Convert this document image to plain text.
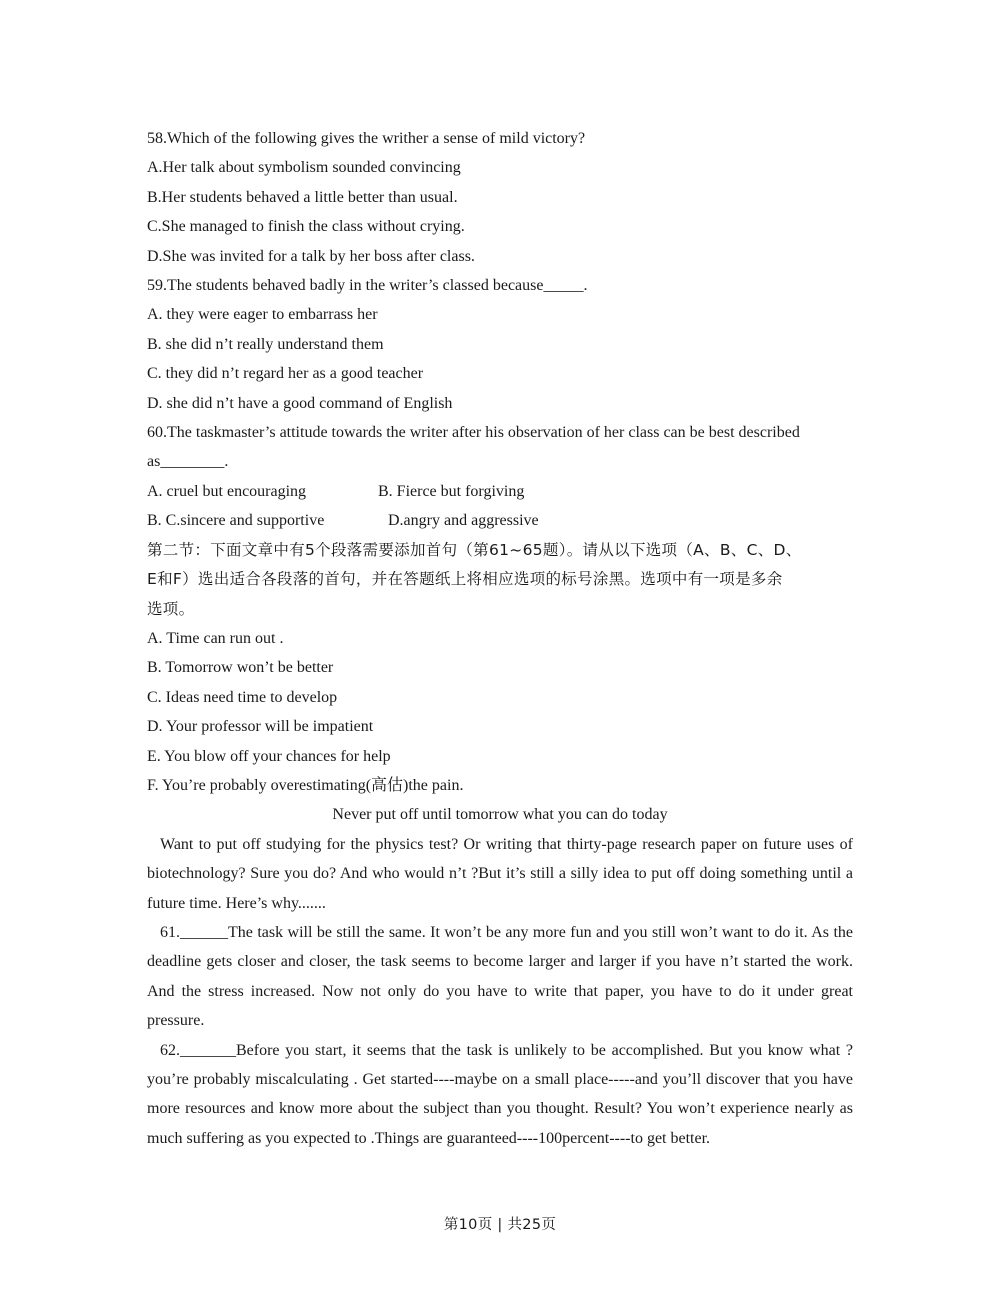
58.Which of the following gives the writher a sense of mild victory?

A.Her talk about symbolism sounded convincing

B.Her students behaved a little better than usual.

C.She managed to finish the class without crying.

D.She was invited for a talk by her boss after class.

59.The students behaved badly in the writer’s classed because_____.

A. they were eager to embarrass her

B. she did n’t really understand them

C. they did n’t regard her as a good teacher

D. she did n’t have a good command of English

60.The taskmaster’s attitude towards the writer after his observation of her class can be best described

as________.

A. cruel but encouraging	B. Fierce but forgiving
B. C.sincere and supportive	D.angry and aggressive

第二节：下面文章中有5个段落需要添加首句（第61~65题）。请从以下选项（A、B、C、D、

E和F）选出适合各段落的首句，并在答题纸上将相应选项的标号涂黑。选项中有一项是多余

选项。

A. Time can run out .

B. Tomorrow won’t be better

C. Ideas need time to develop

D. Your professor will be impatient

E. You blow off your chances for help

F. You’re probably overestimating(高估)the pain.

Never put off until tomorrow what you can do today

Want to put off studying for the physics test? Or writing that thirty-page research paper on future uses of biotechnology? Sure you do? And who would n’t ?But it’s still a silly idea to put off doing something until a future time. Here’s why.......

61.______The task will be still the same. It won’t be any more fun and you still won’t want to do it. As the deadline gets closer and closer, the task seems to become larger and larger if you have n’t started the work. And the stress increased. Now not only do you have to write that paper, you have to do it under great pressure.

62._______Before you start, it seems that the task is unlikely to be accomplished. But you know what ?you’re probably miscalculating . Get started----maybe on a small place-----and you’ll discover that you have more resources and know more about the subject than you thought. Result? You won’t experience nearly as much suffering as you expected to .Things are guaranteed----100percent----to get better.

第10页 | 共25页
